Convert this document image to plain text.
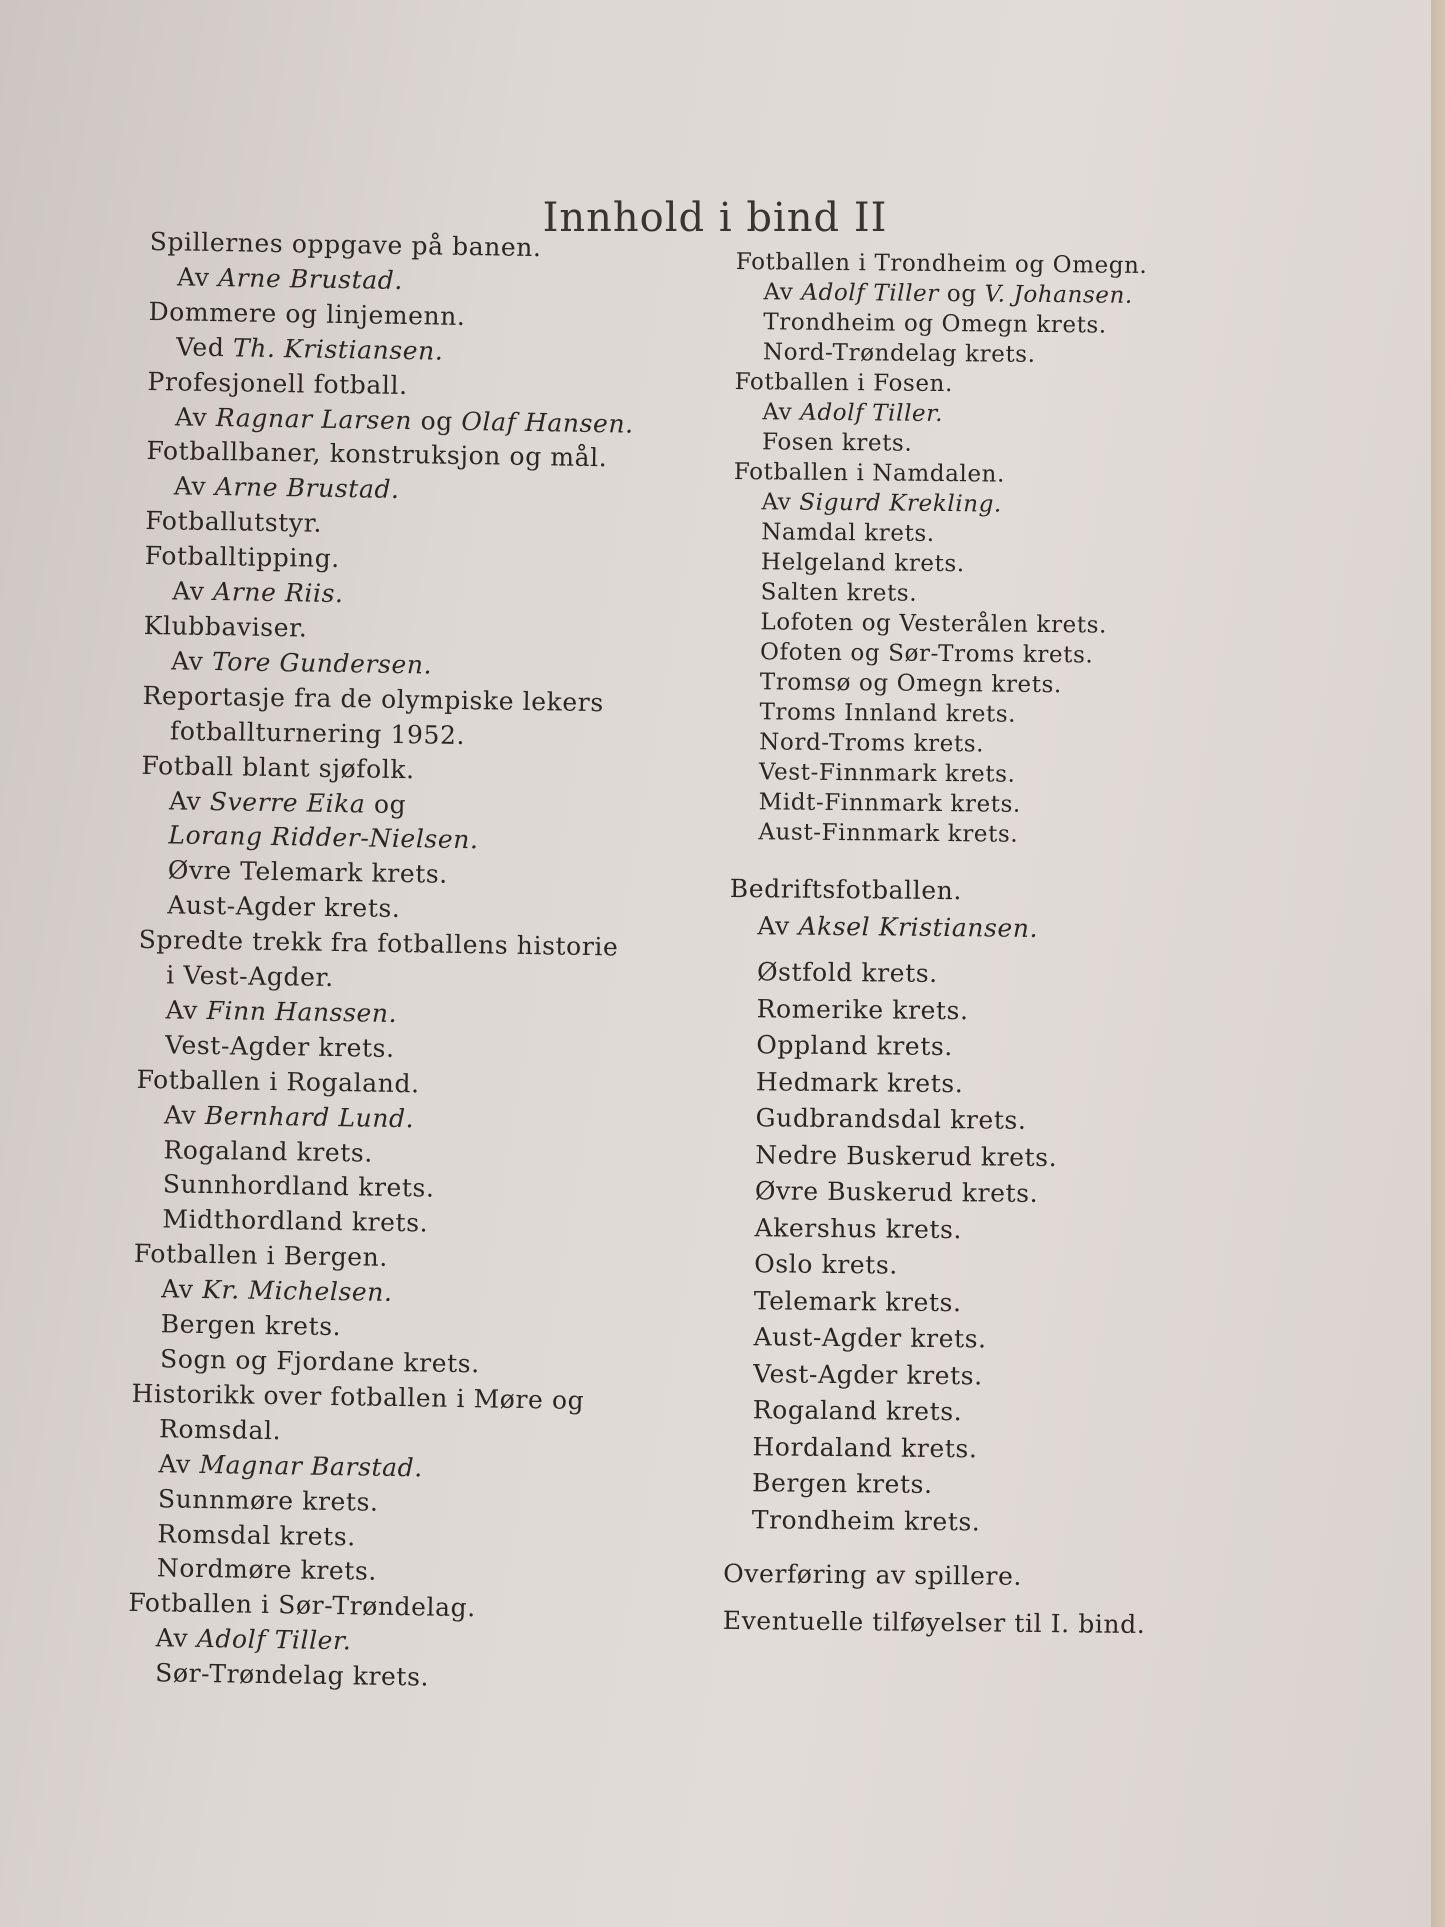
Innhold i bind II
Spillernes oppgave på banen.
Av Arne Brustad.
Dommere og linjemenn.
Ved Th. Kristiansen.
Profesjonell fotball.
Av Ragnar Larsen og Olaf Hansen.
Fotballbaner, konstruksjon og mål.
Av Arne Brustad.
Fotballutstyr.
Fotballtipping.
Av Arne Riis.
Klubbaviser.
Av Tore Gundersen.
Reportasje fra de olympiske lekers
fotballturnering 1952.
Fotball blant sjøfolk.
Av Sverre Eika og
Lorang Ridder-Nielsen.
Øvre Telemark krets.
Aust-Agder krets.
Spredte trekk fra fotballens historie
i Vest-Agder.
Av Finn Hanssen.
Vest-Agder krets.
Fotballen i Rogaland.
Av Bernhard Lund.
Rogaland krets.
Sunnhordland krets.
Midthordland krets.
Fotballen i Bergen.
Av Kr. Michelsen.
Bergen krets.
Sogn og Fjordane krets.
Historikk over fotballen i Møre og
Romsdal.
Av Magnar Barstad.
Sunnmøre krets.
Romsdal krets.
Nordmøre krets.
Fotballen i Sør-Trøndelag.
Av Adolf Tiller.
Sør-Trøndelag krets.
Fotballen i Trondheim og Omegn.
Av Adolf Tiller og V. Johansen.
Trondheim og Omegn krets.
Nord-Trøndelag krets.
Fotballen i Fosen.
Av Adolf Tiller.
Fosen krets.
Fotballen i Namdalen.
Av Sigurd Krekling.
Namdal krets.
Helgeland krets.
Salten krets.
Lofoten og Vesterålen krets.
Ofoten og Sør-Troms krets.
Tromsø og Omegn krets.
Troms Innland krets.
Nord-Troms krets.
Vest-Finnmark krets.
Midt-Finnmark krets.
Aust-Finnmark krets.
Bedriftsfotballen.
Av Aksel Kristiansen.
Østfold krets.
Romerike krets.
Oppland krets.
Hedmark krets.
Gudbrandsdal krets.
Nedre Buskerud krets.
Øvre Buskerud krets.
Akershus krets.
Oslo krets.
Telemark krets.
Aust-Agder krets.
Vest-Agder krets.
Rogaland krets.
Hordaland krets.
Bergen krets.
Trondheim krets.
Overføring av spillere.
Eventuelle tilføyelser til I. bind.
